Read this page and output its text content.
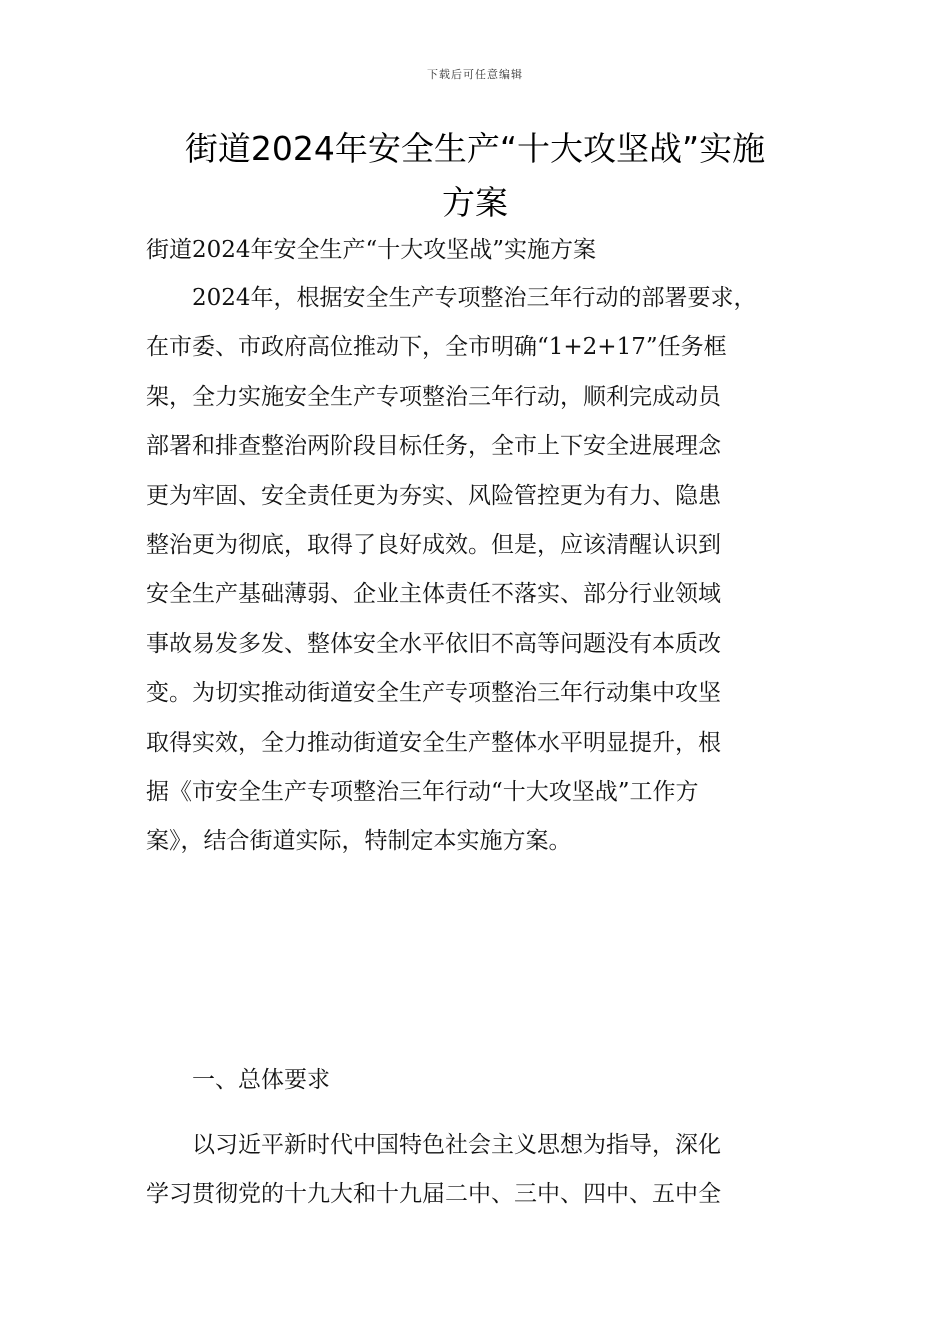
下载后可任意编辑
街道2024年安全生产“十大攻坚战”实施
方案

街道2024年安全生产“十大攻坚战”实施方案

2024年，根据安全生产专项整治三年行动的部署要求，
在市委、市政府高位推动下，全市明确“1+2+17”任务框
架，全力实施安全生产专项整治三年行动，顺利完成动员
部署和排查整治两阶段目标任务，全市上下安全进展理念
更为牢固、安全责任更为夯实、风险管控更为有力、隐患
整治更为彻底，取得了良好成效。但是，应该清醒认识到
安全生产基础薄弱、企业主体责任不落实、部分行业领域
事故易发多发、整体安全水平依旧不高等问题没有本质改
变。为切实推动街道安全生产专项整治三年行动集中攻坚
取得实效，全力推动街道安全生产整体水平明显提升，根
据《市安全生产专项整治三年行动“十大攻坚战”工作方
案》，结合街道实际，特制定本实施方案。

一、总体要求

以习近平新时代中国特色社会主义思想为指导，深化
学习贯彻党的十九大和十九届二中、三中、四中、五中全
